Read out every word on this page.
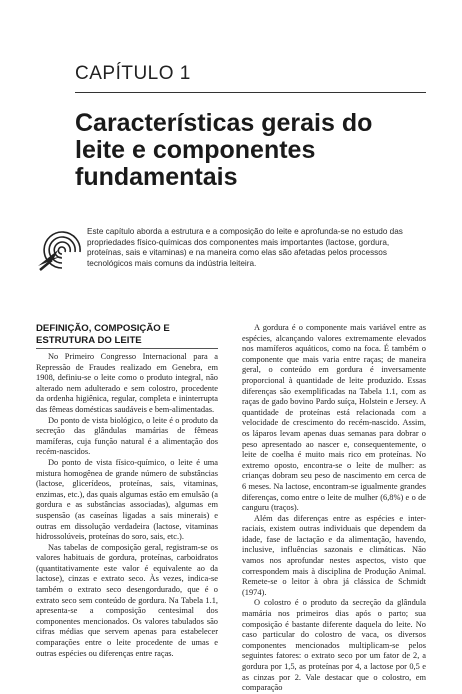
CAPÍTULO 1
Características gerais do leite e componentes fundamentais
Este capítulo aborda a estrutura e a composição do leite e aprofunda-se no estudo das propriedades físico-químicas dos componentes mais importantes (lactose, gordura, proteínas, sais e vitaminas) e na maneira como elas são afetadas pelos processos tecnológicos mais comuns da indústria leiteira.
DEFINIÇÃO, COMPOSIÇÃO E ESTRUTURA DO LEITE

No Primeiro Congresso Internacional para a Repressão de Fraudes realizado em Genebra, em 1908, definiu-se o leite como o produto integral, não alterado nem adulterado e sem colostro, procedente da ordenha higiênica, regular, completa e ininterrupta das fêmeas domésticas saudáveis e bem-alimentadas.

Do ponto de vista biológico, o leite é o produto da secreção das glândulas mamárias de fêmeas mamíferas, cuja função natural é a alimentação dos recém-nascidos.

Do ponto de vista físico-químico, o leite é uma mistura homogênea de grande número de substâncias (lactose, glicerídeos, proteínas, sais, vitaminas, enzimas, etc.), das quais algumas estão em emulsão (a gordura e as substâncias associadas), algumas em suspensão (as caseínas ligadas a sais minerais) e outras em dissolução verdadeira (lactose, vitaminas hidrossolúveis, proteínas do soro, sais, etc.).

Nas tabelas de composição geral, registram-se os valores habituais de gordura, proteínas, carboidratos (quantitativamente este valor é equivalente ao da lactose), cinzas e extrato seco. Às vezes, indica-se também o extrato seco desengordurado, que é o extrato seco sem conteúdo de gordura. Na Tabela 1.1, apresenta-se a composição centesimal dos componentes mencionados. Os valores tabulados são cifras médias que servem apenas para estabelecer comparações entre o leite procedente de umas e outras espécies ou diferenças entre raças.

A gordura é o componente mais variável entre as espécies, alcançando valores extremamente elevados nos mamíferos aquáticos, como na foca. É também o componente que mais varia entre raças; de maneira geral, o conteúdo em gordura é inversamente proporcional à quantidade de leite produzido. Essas diferenças são exemplificadas na Tabela 1.1, com as raças de gado bovino Pardo suíça, Holstein e Jersey. A quantidade de proteínas está relacionada com a velocidade de crescimento do recém-nascido. Assim, os láparos levam apenas duas semanas para dobrar o peso apresentado ao nascer e, consequentemente, o leite de coelha é muito mais rico em proteínas. No extremo oposto, encontra-se o leite de mulher: as crianças dobram seu peso de nascimento em cerca de 6 meses. Na lactose, encontram-se igualmente grandes diferenças, como entre o leite de mulher (6,8%) e o de canguru (traços).

Além das diferenças entre as espécies e inter-raciais, existem outras individuais que dependem da idade, fase de lactação e da alimentação, havendo, inclusive, influências sazonais e climáticas. Não vamos nos aprofundar nestes aspectos, visto que correspondem mais à disciplina de Produção Animal. Remete-se o leitor à obra já clássica de Schmidt (1974).

O colostro é o produto da secreção da glândula mamária nos primeiros dias após o parto; sua composição é bastante diferente daquela do leite. No caso particular do colostro de vaca, os diversos componentes mencionados multiplicam-se pelos seguintes fatores: o extrato seco por um fator de 2, a gordura por 1,5, as proteínas por 4, a lactose por 0,5 e as cinzas por 2. Vale destacar que o colostro, em comparação
